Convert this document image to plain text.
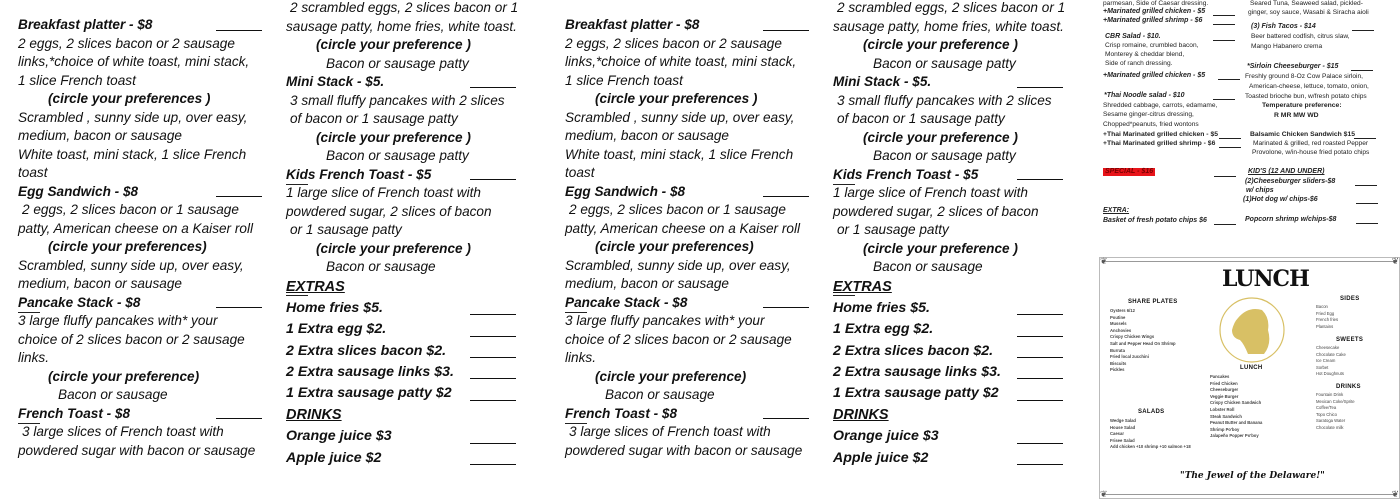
Breakfast platter - $8
2 eggs, 2 slices bacon or 2 sausage
links,*choice of white toast, mini stack,
1 slice French toast
(circle your preferences )
Scrambled , sunny side up, over easy,
medium, bacon or sausage
White toast, mini stack, 1 slice French
toast
Egg Sandwich - $8
2 eggs, 2 slices bacon or 1 sausage
patty, American cheese on a Kaiser roll
(circle your preferences)
Scrambled, sunny side up, over easy,
medium, bacon or sausage
Pancake Stack - $8
3 large fluffy pancakes with* your
choice of 2 slices bacon or 2 sausage
links.
(circle your preference)
Bacon or sausage
French Toast - $8
3 large slices of French toast with
powdered sugar with bacon or sausage
2 scrambled eggs, 2 slices bacon or 1
sausage patty, home fries, white toast.
(circle your preference )
Bacon or sausage patty
Mini Stack - $5.
3 small fluffy pancakes with 2 slices
of bacon or 1 sausage patty
(circle your preference )
Bacon or sausage patty
Kids French Toast - $5
1 large slice of French toast with
powdered sugar, 2 slices of bacon
or 1 sausage patty
(circle your preference )
Bacon or sausage
EXTRAS
Home fries $5.
1 Extra egg $2.
2 Extra slices bacon $2.
2 Extra sausage links $3.
1 Extra sausage patty $2
DRINKS
Orange juice $3
Apple juice $2
Breakfast platter - $8
2 eggs, 2 slices bacon or 2 sausage
links,*choice of white toast, mini stack,
1 slice French toast
(circle your preferences )
Scrambled , sunny side up, over easy,
medium, bacon or sausage
White toast, mini stack, 1 slice French
toast
Egg Sandwich - $8
2 eggs, 2 slices bacon or 1 sausage
patty, American cheese on a Kaiser roll
(circle your preferences)
Scrambled, sunny side up, over easy,
medium, bacon or sausage
Pancake Stack - $8
3 large fluffy pancakes with* your
choice of 2 slices bacon or 2 sausage
links.
(circle your preference)
Bacon or sausage
French Toast - $8
3 large slices of French toast with
powdered sugar with bacon or sausage
2 scrambled eggs, 2 slices bacon or 1
sausage patty, home fries, white toast.
(circle your preference )
Bacon or sausage patty
Mini Stack - $5.
3 small fluffy pancakes with 2 slices
of bacon or 1 sausage patty
(circle your preference )
Bacon or sausage patty
Kids French Toast - $5
1 large slice of French toast with
powdered sugar, 2 slices of bacon
or 1 sausage patty
(circle your preference )
Bacon or sausage
EXTRAS
Home fries $5.
1 Extra egg $2.
2 Extra slices bacon $2.
2 Extra sausage links $3.
1 Extra sausage patty $2
DRINKS
Orange juice $3
Apple juice $2
parmesan, Side of Caesar dressing.
+Marinated grilled chicken - $5
+Marinated grilled shrimp - $6
CBR Salad - $10.
Crisp romaine, crumbled bacon,
Monterey & cheddar blend,
Side of ranch dressing.
+Marinated grilled chicken - $5
*Thai Noodle salad - $10
Shredded cabbage, carrots, edamame,
Sesame ginger-citrus dressing,
Chopped*peanuts, fried wontons
+Thai Marinated grilled chicken - $5
+Thai Marinated grilled shrimp - $6
SPECIAL - $16
EXTRA:
Basket of fresh potato chips $6
Seared Tuna, Seaweed salad, pickled-
ginger, soy sauce, Wasabi & Siracha aioli
(3) Fish Tacos - $14
Beer battered codfish, citrus slaw,
Mango Habanero crema
*Sirloin Cheeseburger - $15
Freshly ground 8-Oz Cow Palace sirloin,
American-cheese, lettuce, tomato, onion,
Toasted brioche bun, w/fresh potato chips
Temperature preference:
R MR MW WD
Balsamic Chicken Sandwich $15
Marinated & grilled, red roasted Pepper
Provolone, w/in-house fried potato chips
KID'S (12 AND UNDER)
(2)Cheeseburger sliders-$8
w/ chips
(1)Hot dog w/ chips-$6
Popcorn shrimp w/chips-$8
❦	❦
❦	❦
LUNCH
SHARE PLATES
Oysters 6/12
Poutine
Mussels
Anchovies
Crispy Chicken Wings
Salt and Pepper Head On Shrimp
Burrata
Fried local zucchini
Biscuits
Pickles
SALADS
Wedge Salad
House Salad
Caesar
Frisee Salad
Add chicken +10 shrimp +10 salmon +18
LUNCH
Pancakes
Fried Chicken
Cheeseburger
Veggie Burger
Crispy Chicken Sandwich
Lobster Roll
Steak Sandwich
Peanut Butter and Banana
Shrimp Po'boy
Jalapeño Popper Po'boy
SIDES
Bacon
Fried Egg
French fries
Plantains
SWEETS
Cheesecake
Chocolate Cake
Ice Cream
Sorbet
Hot Doughnuts
DRINKS
Fountain Drink
Mexican Coke/Sprite
Coffee/Tea
Topo Chico
Saratoga Water
Chocolate milk
"The Jewel of the Delaware!"
